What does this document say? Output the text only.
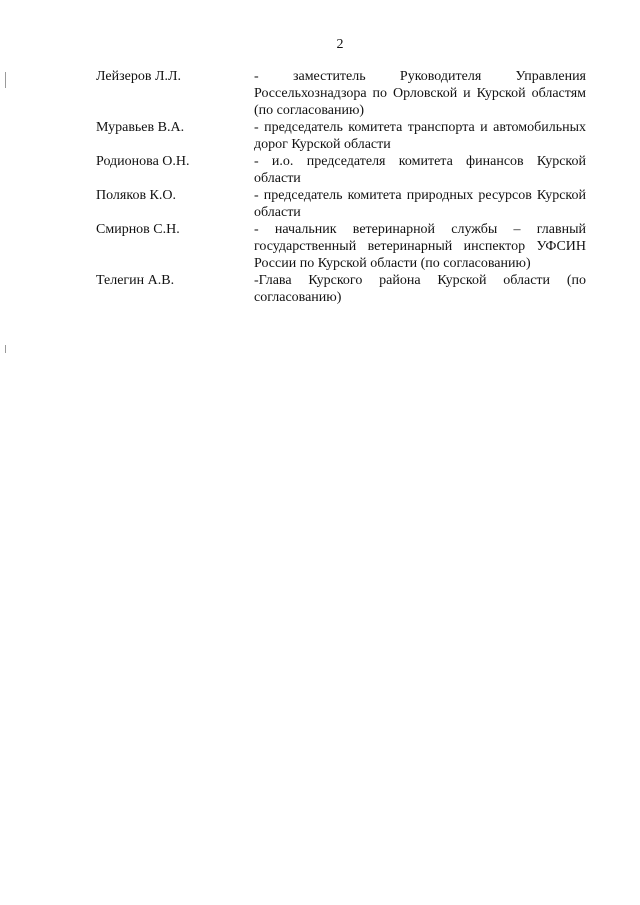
2
Лейзеров Л.Л.	- заместитель Руководителя Управления Россельхознадзора по Орловской и Курской областям (по согласованию)
Муравьев В.А.	- председатель комитета транспорта и автомобильных дорог Курской области
Родионова О.Н.	- и.о. председателя комитета финансов Курской области
Поляков К.О.	- председатель комитета природных ресурсов Курской области
Смирнов С.Н.	- начальник ветеринарной службы – главный государственный ветеринарный инспектор УФСИН России по Курской области (по согласованию)
Телегин А.В.	-Глава Курского района Курской области (по согласованию)
